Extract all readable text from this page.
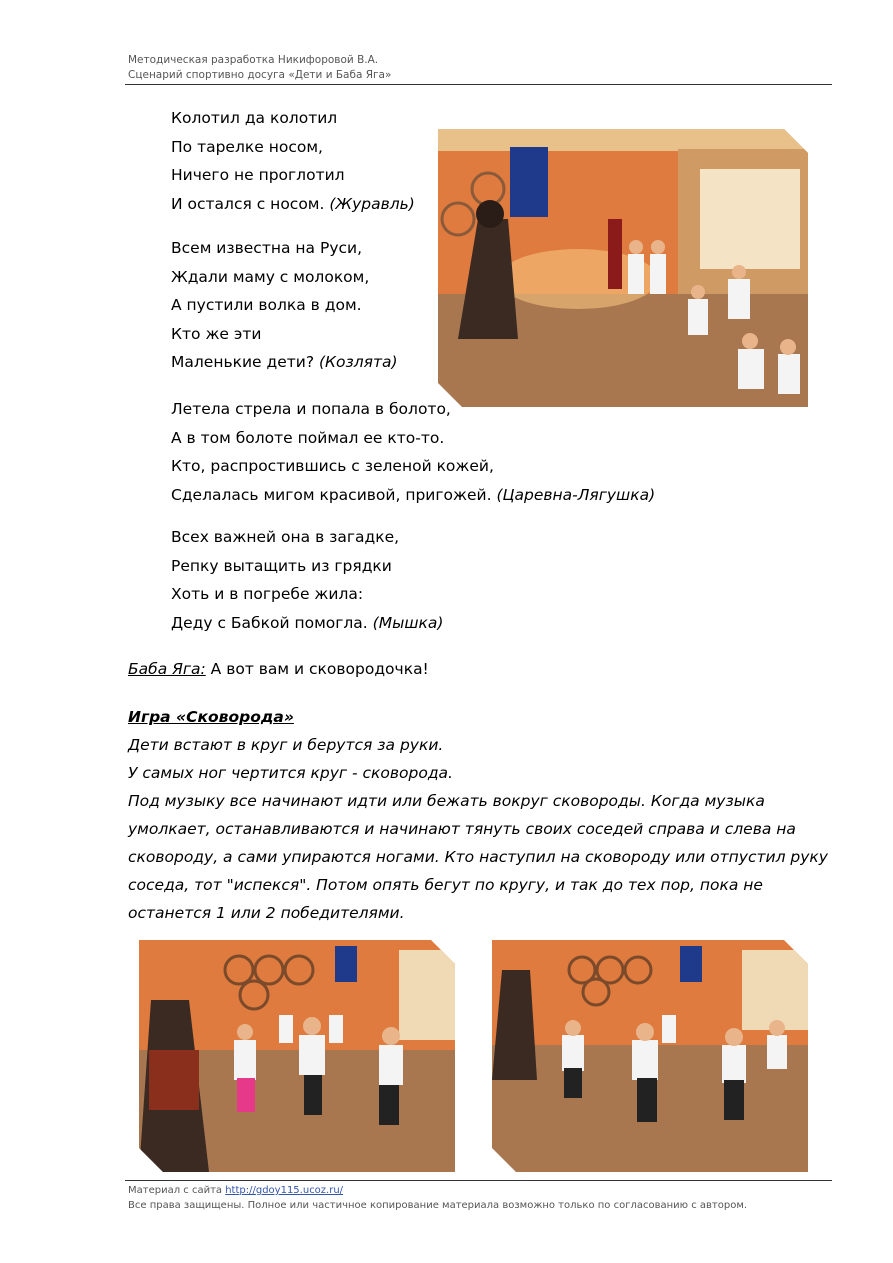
Методическая разработка Никифоровой В.А.
Сценарий спортивно досуга «Дети и Баба Яга»
Колотил да колотил
По тарелке носом,
Ничего не проглотил
И остался с носом. (Журавль)
Всем известна на Руси,
Ждали маму с молоком,
А пустили волка в дом.
Кто же эти
Маленькие дети? (Козлята)
Летела стрела и попала в болото,
А в том болоте поймал ее кто-то.
Кто, распростившись с зеленой кожей,
Сделалась мигом красивой, пригожей. (Царевна-Лягушка)
Всех важней она в загадке,
Репку вытащить из грядки
Хоть и в погребе жила:
Деду с Бабкой помогла. (Мышка)
Баба Яга: А вот вам и сковородочка!

Игра «Сковорода»

Дети встают в круг и берутся за руки.

У самых ног чертится круг - сковорода.

Под музыку все начинают идти или бежать вокруг сковороды. Когда музыка умолкает, останавливаются и начинают тянуть своих соседей справа и слева на сковороду, а сами упираются ногами. Кто наступил на сковороду или отпустил руку соседа, тот "испекся". Потом опять бегут по кругу, и так до тех пор, пока не останется 1 или 2 победителями.

Материал с сайта http://gdoy115.ucoz.ru/
Все права защищены. Полное или частичное копирование материала возможно только по согласованию с автором.
